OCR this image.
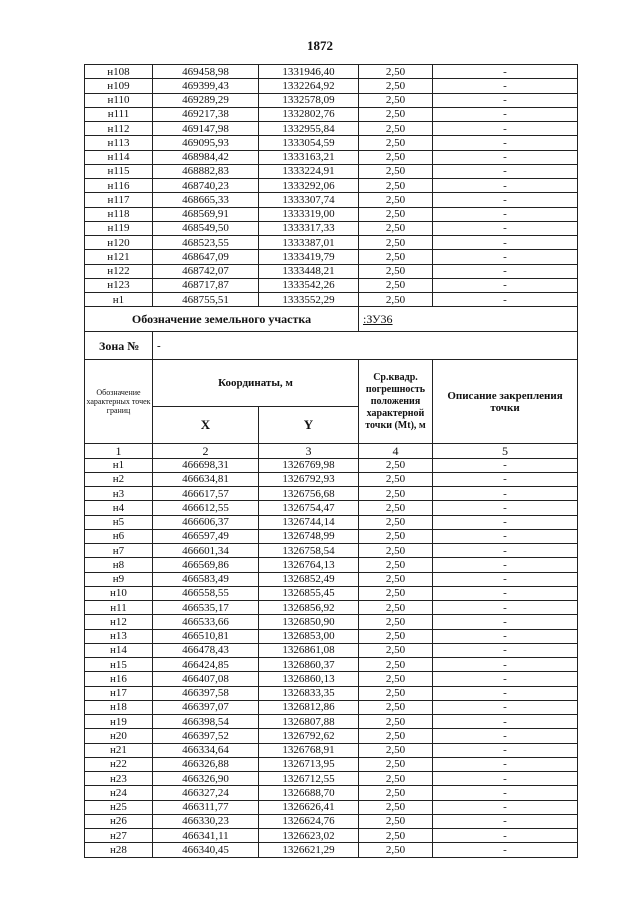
1872
н108	469458,98	1331946,40	2,50	-
н109	469399,43	1332264,92	2,50	-
н110	469289,29	1332578,09	2,50	-
н111	469217,38	1332802,76	2,50	-
н112	469147,98	1332955,84	2,50	-
н113	469095,93	1333054,59	2,50	-
н114	468984,42	1333163,21	2,50	-
н115	468882,83	1333224,91	2,50	-
н116	468740,23	1333292,06	2,50	-
н117	468665,33	1333307,74	2,50	-
н118	468569,91	1333319,00	2,50	-
н119	468549,50	1333317,33	2,50	-
н120	468523,55	1333387,01	2,50	-
н121	468647,09	1333419,79	2,50	-
н122	468742,07	1333448,21	2,50	-
н123	468717,87	1333542,26	2,50	-
н1	468755,51	1333552,29	2,50	-
Обозначение земельного участка			:ЗУ36	
Зона №	-			
Обозначение характерных точек границ	Координаты, м		Ср.квадр. погрешность положения характерной точки (Mt), м	Описание закрепления точки
	X	Y		
1	2	3	4	5
н1	466698,31	1326769,98	2,50	-
н2	466634,81	1326792,93	2,50	-
н3	466617,57	1326756,68	2,50	-
н4	466612,55	1326754,47	2,50	-
н5	466606,37	1326744,14	2,50	-
н6	466597,49	1326748,99	2,50	-
н7	466601,34	1326758,54	2,50	-
н8	466569,86	1326764,13	2,50	-
н9	466583,49	1326852,49	2,50	-
н10	466558,55	1326855,45	2,50	-
н11	466535,17	1326856,92	2,50	-
н12	466533,66	1326850,90	2,50	-
н13	466510,81	1326853,00	2,50	-
н14	466478,43	1326861,08	2,50	-
н15	466424,85	1326860,37	2,50	-
н16	466407,08	1326860,13	2,50	-
н17	466397,58	1326833,35	2,50	-
н18	466397,07	1326812,86	2,50	-
н19	466398,54	1326807,88	2,50	-
н20	466397,52	1326792,62	2,50	-
н21	466334,64	1326768,91	2,50	-
н22	466326,88	1326713,95	2,50	-
н23	466326,90	1326712,55	2,50	-
н24	466327,24	1326688,70	2,50	-
н25	466311,77	1326626,41	2,50	-
н26	466330,23	1326624,76	2,50	-
н27	466341,11	1326623,02	2,50	-
н28	466340,45	1326621,29	2,50	-
